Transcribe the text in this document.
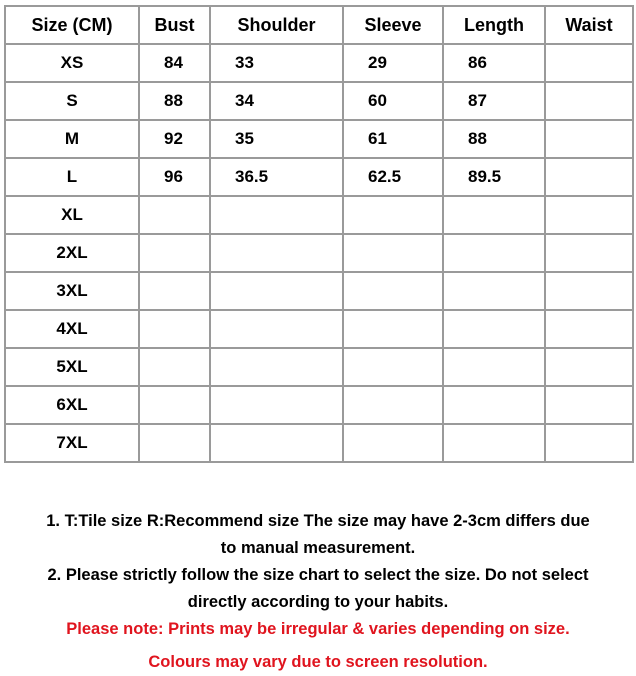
Size (CM)	Bust	Shoulder	Sleeve	Length	Waist
XS	84	33	29	86	
S	88	34	60	87	
M	92	35	61	88	
L	96	36.5	62.5	89.5	
XL					
2XL					
3XL					
4XL					
5XL					
6XL					
7XL					

1. T:Tile size R:Recommend size The size may have 2-3cm differs due

to manual measurement.

2. Please strictly follow the size chart to select the size. Do not select

directly according to your habits.

Please note: Prints may be irregular & varies depending on size.

Colours may vary due to screen resolution.
